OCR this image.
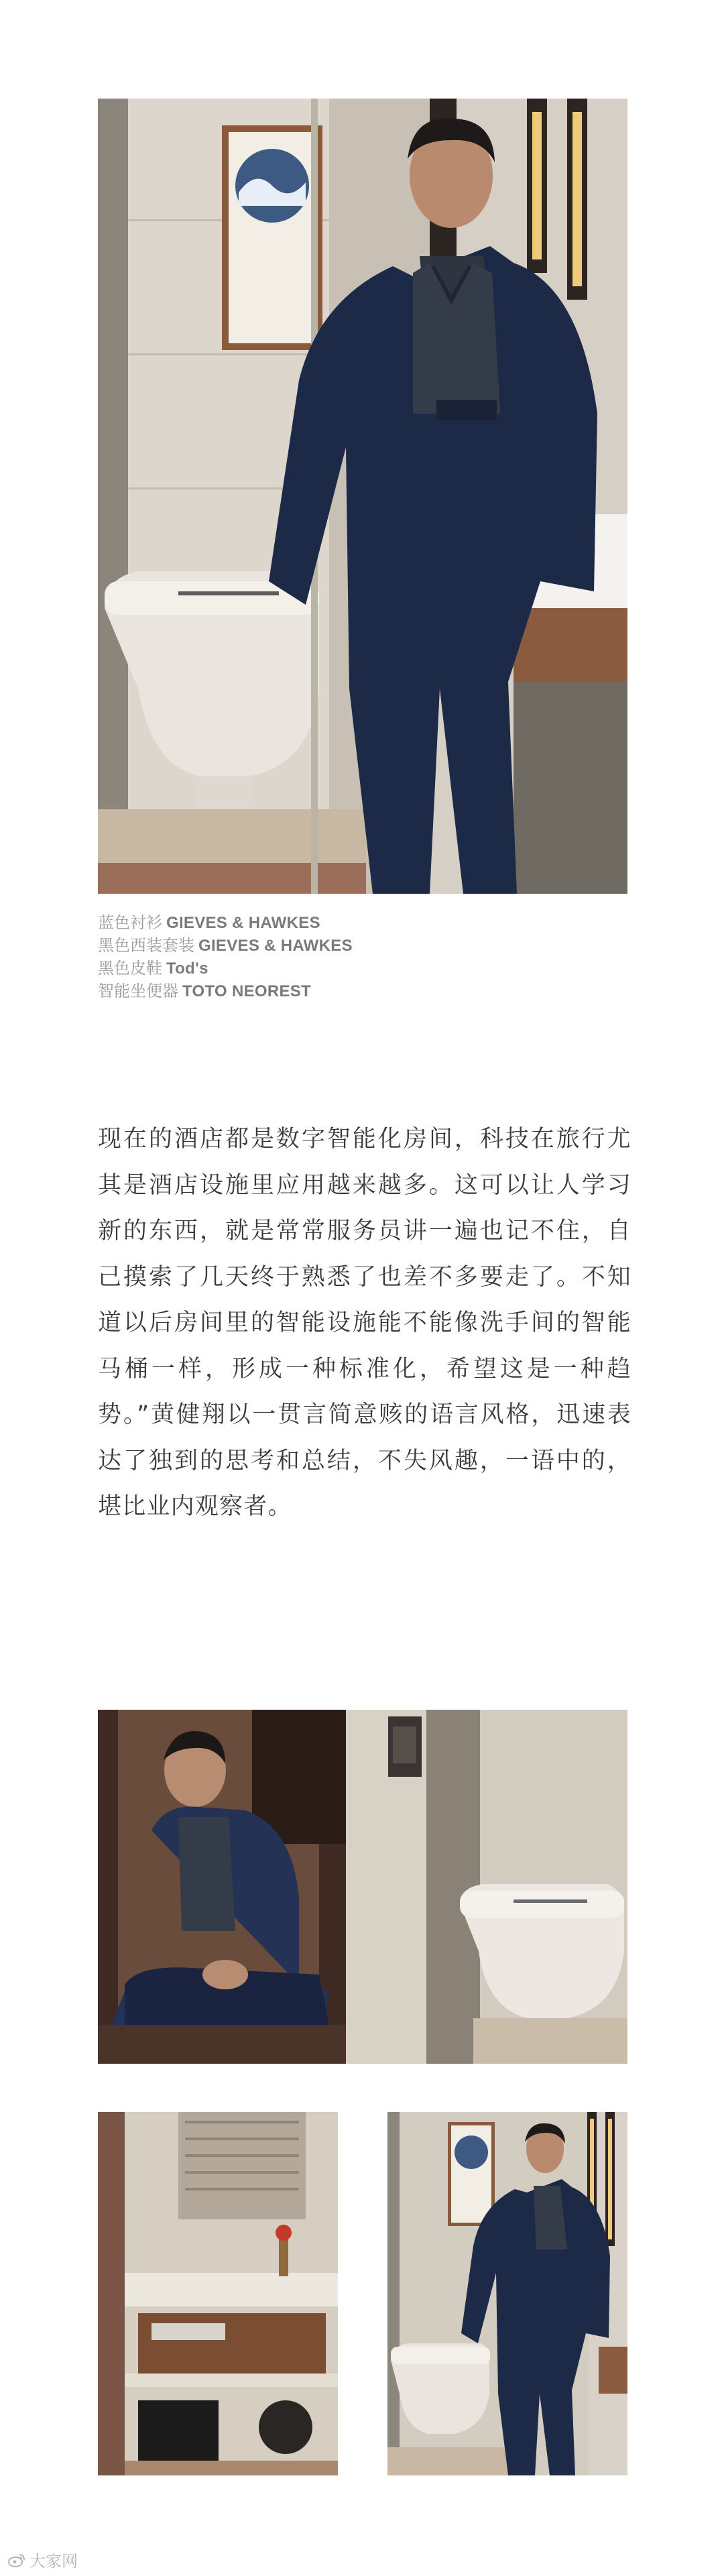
蓝色衬衫 GIEVES & HAWKES
黑色西装套装 GIEVES & HAWKES
黑色皮鞋 Tod's
智能坐便器 TOTO NEOREST

现在的酒店都是数字智能化房间，科技在旅行尤其是酒店设施里应用越来越多。这可以让人学习新的东西，就是常常服务员讲一遍也记不住，自己摸索了几天终于熟悉了也差不多要走了。不知道以后房间里的智能设施能不能像洗手间的智能马桶一样，形成一种标准化，希望这是一种趋势。”黄健翔以一贯言简意赅的语言风格，迅速表达了独到的思考和总结，不失风趣，一语中的，堪比业内观察者。

大家网
